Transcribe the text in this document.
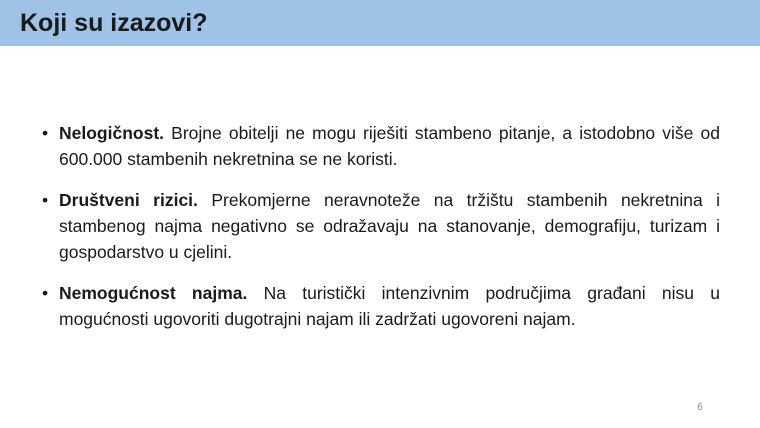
Koji su izazovi?
• Nelogičnost. Brojne obitelji ne mogu riješiti stambeno pitanje, a istodobno više od 600.000 stambenih nekretnina se ne koristi.
• Društveni rizici. Prekomjerne neravnoteže na tržištu stambenih nekretnina i stambenog najma negativno se odražavaju na stanovanje, demografiju, turizam i gospodarstvo u cjelini.
• Nemogućnost najma. Na turistički intenzivnim područjima građani nisu u mogućnosti ugovoriti dugotrajni najam ili zadržati ugovoreni najam.
6
